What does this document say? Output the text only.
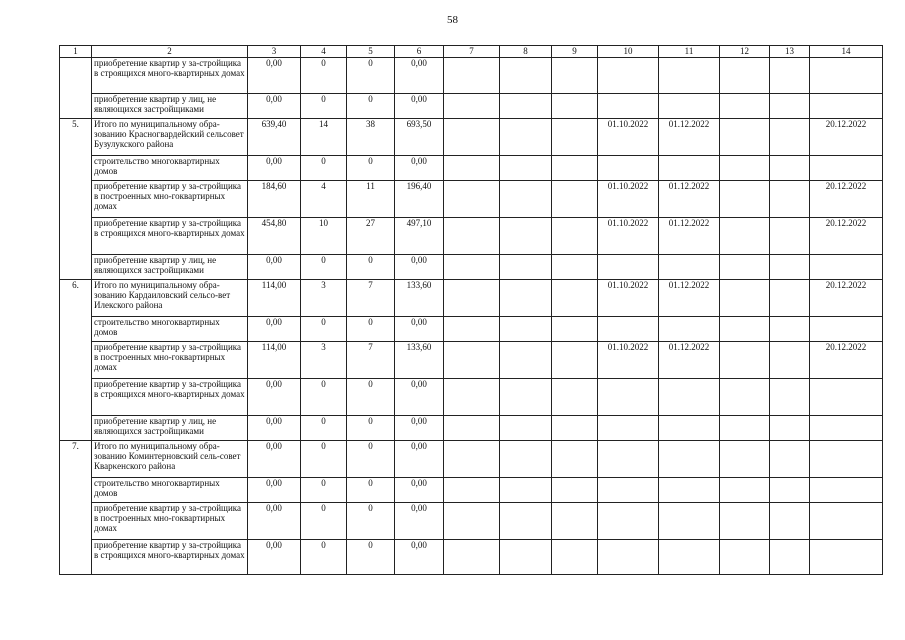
58
1	2	3	4	5	6	7	8	9	10	11	12	13	14
	приобретение квартир у за-стройщика в строящихся много-квартирных домах	0,00	0	0	0,00								
	приобретение квартир у лиц, не являющихся застройщиками	0,00	0	0	0,00								
5.	Итого по муниципальному обра-зованию Красногвардейский сельсовет Бузулукского района	639,40	14	38	693,50				01.10.2022	01.12.2022			20.12.2022
	строительство многоквартирных домов	0,00	0	0	0,00								
	приобретение квартир у за-стройщика в построенных мно-гоквартирных домах	184,60	4	11	196,40				01.10.2022	01.12.2022			20.12.2022
	приобретение квартир у за-стройщика в строящихся много-квартирных домах	454,80	10	27	497,10				01.10.2022	01.12.2022			20.12.2022
	приобретение квартир у лиц, не являющихся застройщиками	0,00	0	0	0,00								
6.	Итого по муниципальному обра-зованию Кардаиловский сельсо-вет Илекского района	114,00	3	7	133,60				01.10.2022	01.12.2022			20.12.2022
	строительство многоквартирных домов	0,00	0	0	0,00								
	приобретение квартир у за-стройщика в построенных мно-гоквартирных домах	114,00	3	7	133,60				01.10.2022	01.12.2022			20.12.2022
	приобретение квартир у за-стройщика в строящихся много-квартирных домах	0,00	0	0	0,00								
	приобретение квартир у лиц, не являющихся застройщиками	0,00	0	0	0,00								
7.	Итого по муниципальному обра-зованию Коминтерновский сель-совет Кварκенского района	0,00	0	0	0,00								
	строительство многоквартирных домов	0,00	0	0	0,00								
	приобретение квартир у за-стройщика в построенных мно-гоквартирных домах	0,00	0	0	0,00								
	приобретение квартир у за-стройщика в строящихся много-квартирных домах	0,00	0	0	0,00								
